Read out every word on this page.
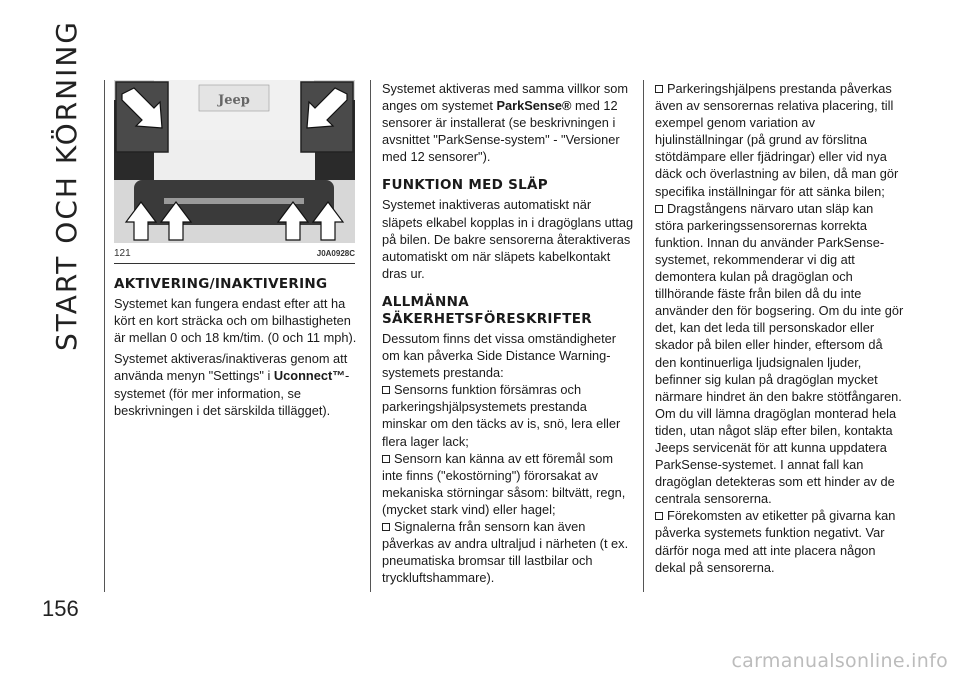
START OCH KÖRNING	Jeep
121	J0A0928C
AKTIVERING/INAKTIVERING

Systemet kan fungera endast efter att ha kört en kort sträcka och om bilhastigheten är mellan 0 och 18 km/tim. (0 och 11 mph).

Systemet aktiveras/inaktiveras genom att använda menyn "Settings" i Uconnect™-systemet (för mer information, se beskrivningen i det särskilda tillägget).

Systemet aktiveras med samma villkor som anges om systemet ParkSense® med 12 sensorer är installerat (se beskrivningen i avsnittet "ParkSense-system" - "Versioner med 12 sensorer").

FUNKTION MED SLÄP

Systemet inaktiveras automatiskt när släpets elkabel kopplas in i dragöglans uttag på bilen. De bakre sensorerna återaktiveras automatiskt om när släpets kabelkontakt dras ur.

ALLMÄNNA SÄKERHETSFÖRESKRIFTER

Dessutom finns det vissa omständigheter om kan påverka Side Distance Warning-systemets prestanda:

Sensorns funktion försämras och parkeringshjälpsystemets prestanda minskar om den täcks av is, snö, lera eller flera lager lack;
Sensorn kan känna av ett föremål som inte finns ("ekostörning") förorsakat av mekaniska störningar såsom: biltvätt, regn, (mycket stark vind) eller hagel;
Signalerna från sensorn kan även påverkas av andra ultraljud i närheten (t ex. pneumatiska bromsar till lastbilar och tryckluftshammare).
Parkeringshjälpens prestanda påverkas även av sensorernas relativa placering, till exempel genom variation av hjulinställningar (på grund av förslitna stötdämpare eller fjädringar) eller vid nya däck och överlastning av bilen, då man gör specifika inställningar för att sänka bilen;
Dragstångens närvaro utan släp kan störa parkeringssensorernas korrekta funktion. Innan du använder ParkSense-systemet, rekommenderar vi dig att demontera kulan på dragöglan och tillhörande fäste från bilen då du inte använder den för bogsering. Om du inte gör det, kan det leda till personskador eller skador på bilen eller hinder, eftersom då den kontinuerliga ljudsignalen ljuder, befinner sig kulan på dragöglan mycket närmare hindret än den bakre stötfångaren. Om du vill lämna dragöglan monterad hela tiden, utan något släp efter bilen, kontakta Jeeps servicenät för att kunna uppdatera ParkSense-systemet. I annat fall kan dragöglan detekteras som ett hinder av de centrala sensorerna.
Förekomsten av etiketter på givarna kan påverka systemets funktion negativt. Var därför noga med att inte placera någon dekal på sensorerna.
156
carmanualsonline.info
